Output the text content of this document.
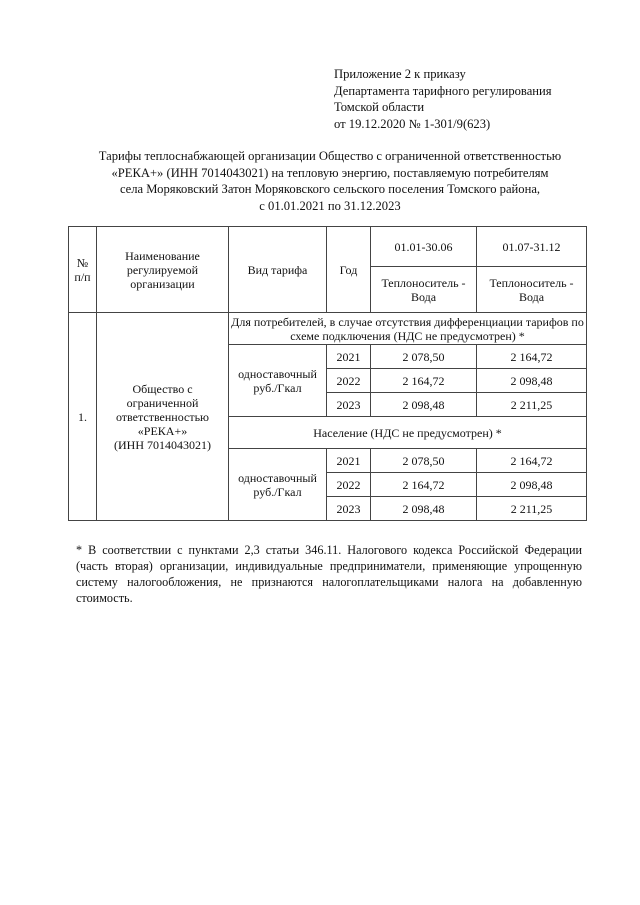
Приложение 2 к приказу
Департамента тарифного регулирования
Томской области
от 19.12.2020 № 1-301/9(623)
Тарифы теплоснабжающей организации Общество с ограниченной ответственностью
«РЕКА+» (ИНН 7014043021) на тепловую энергию, поставляемую потребителям
села Моряковский Затон Моряковского сельского поселения Томского района,
с 01.01.2021 по 31.12.2023
№
п/п	Наименование регулируемой организации	Вид тарифа	Год	01.01-30.06	01.07-31.12
				Теплоноситель - Вода	Теплоноситель - Вода
1.	Общество с
ограниченной
ответственностью
«РЕКА+»
(ИНН 7014043021)	Для потребителей, в случае отсутствия дифференциации тарифов по схеме подключения (НДС не предусмотрен) *			
		одноставочный руб./Гкал	2021	2 078,50	2 164,72
			2022	2 164,72	2 098,48
			2023	2 098,48	2 211,25
		Население (НДС не предусмотрен) *			
		одноставочный руб./Гкал	2021	2 078,50	2 164,72
			2022	2 164,72	2 098,48
			2023	2 098,48	2 211,25
* В соответствии с пунктами 2,3 статьи 346.11. Налогового кодекса Российской Федерации (часть вторая) организации, индивидуальные предприниматели, применяющие упрощенную систему налогообложения, не признаются налогоплательщиками налога на добавленную стоимость.
